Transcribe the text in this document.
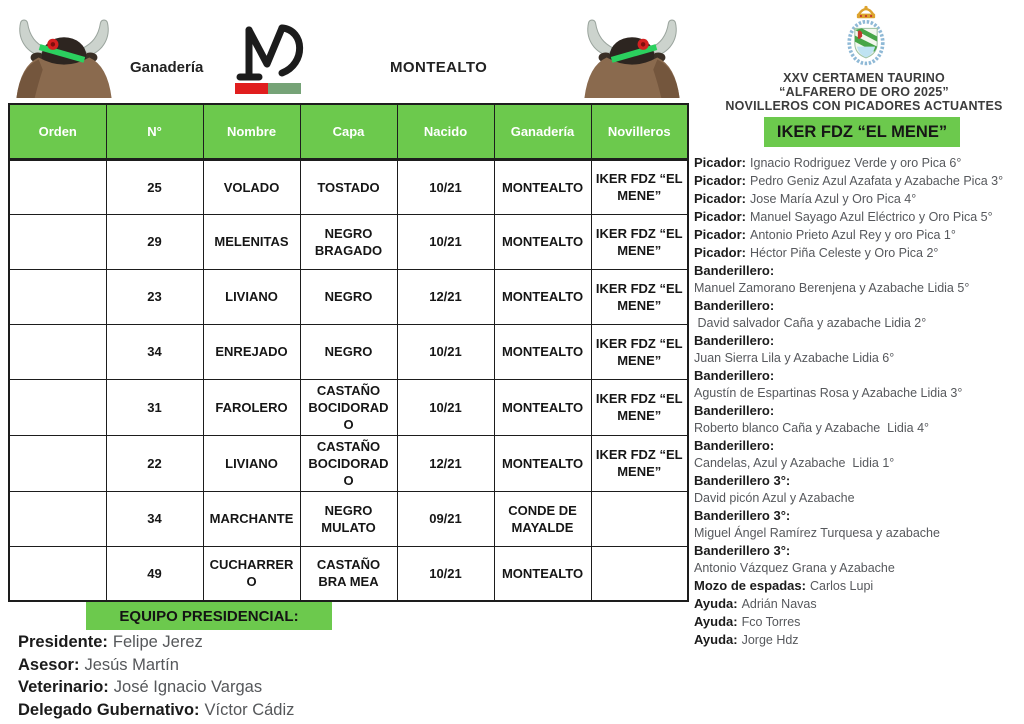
Ganadería	MONTEALTO
XXV CERTAMEN TAURINO
“ALFARERO DE ORO 2025”
NOVILLEROS CON PICADORES ACTUANTES
IKER FDZ “EL MENE”
Picador: Ignacio Rodriguez Verde y oro Pica 6°
Picador: Pedro Geniz Azul Azafata y Azabache Pica 3°
Picador: Jose María Azul y Oro Pica 4°
Picador: Manuel Sayago Azul Eléctrico y Oro Pica 5°
Picador: Antonio Prieto Azul Rey y oro Pica 1°
Picador: Héctor Piña Celeste y Oro Pica 2°
Banderillero:
Manuel Zamorano Berenjena y Azabache Lidia 5°
Banderillero:
David salvador Caña y azabache Lidia 2°
Banderillero:
Juan Sierra Lila y Azabache Lidia 6°
Banderillero:
Agustín de Espartinas Rosa y Azabache Lidia 3°
Banderillero:
Roberto blanco Caña y Azabache  Lidia 4°
Banderillero:
Candelas, Azul y Azabache  Lidia 1°
Banderillero 3°:
David picón Azul y Azabache
Banderillero 3°:
Miguel Ángel Ramírez Turquesa y azabache
Banderillero 3°:
Antonio Vázquez Grana y Azabache
Mozo de espadas: Carlos Lupi
Ayuda: Adrián Navas
Ayuda: Fco Torres
Ayuda: Jorge Hdz
Orden	N°	Nombre	Capa	Nacido	Ganadería	Novilleros
1°	25	VOLADO	TOSTADO	10/21	MONTEALTO	IKER FDZ “EL MENE”
2°	29	MELENITAS	NEGRO BRAGADO	10/21	MONTEALTO	IKER FDZ “EL MENE”
3°	23	LIVIANO	NEGRO	12/21	MONTEALTO	IKER FDZ “EL MENE”
4°	34	ENREJADO	NEGRO	10/21	MONTEALTO	IKER FDZ “EL MENE”
5°	31	FAROLERO	CASTAÑO BOCIDORADO	10/21	MONTEALTO	IKER FDZ “EL MENE”
6°	22	LIVIANO	CASTAÑO BOCIDORADO	12/21	MONTEALTO	IKER FDZ “EL MENE”
Sob1°	34	MARCHANTE	NEGRO MULATO	09/21	CONDE DE MAYALDE	
Sob 2°	49	CUCHARRERO	CASTAÑO BRA MEA	10/21	MONTEALTO	
EQUIPO PRESIDENCIAL:
Presidente: Felipe Jerez
Asesor: Jesús Martín
Veterinario: José Ignacio Vargas
Delegado Gubernativo: Víctor Cádiz
